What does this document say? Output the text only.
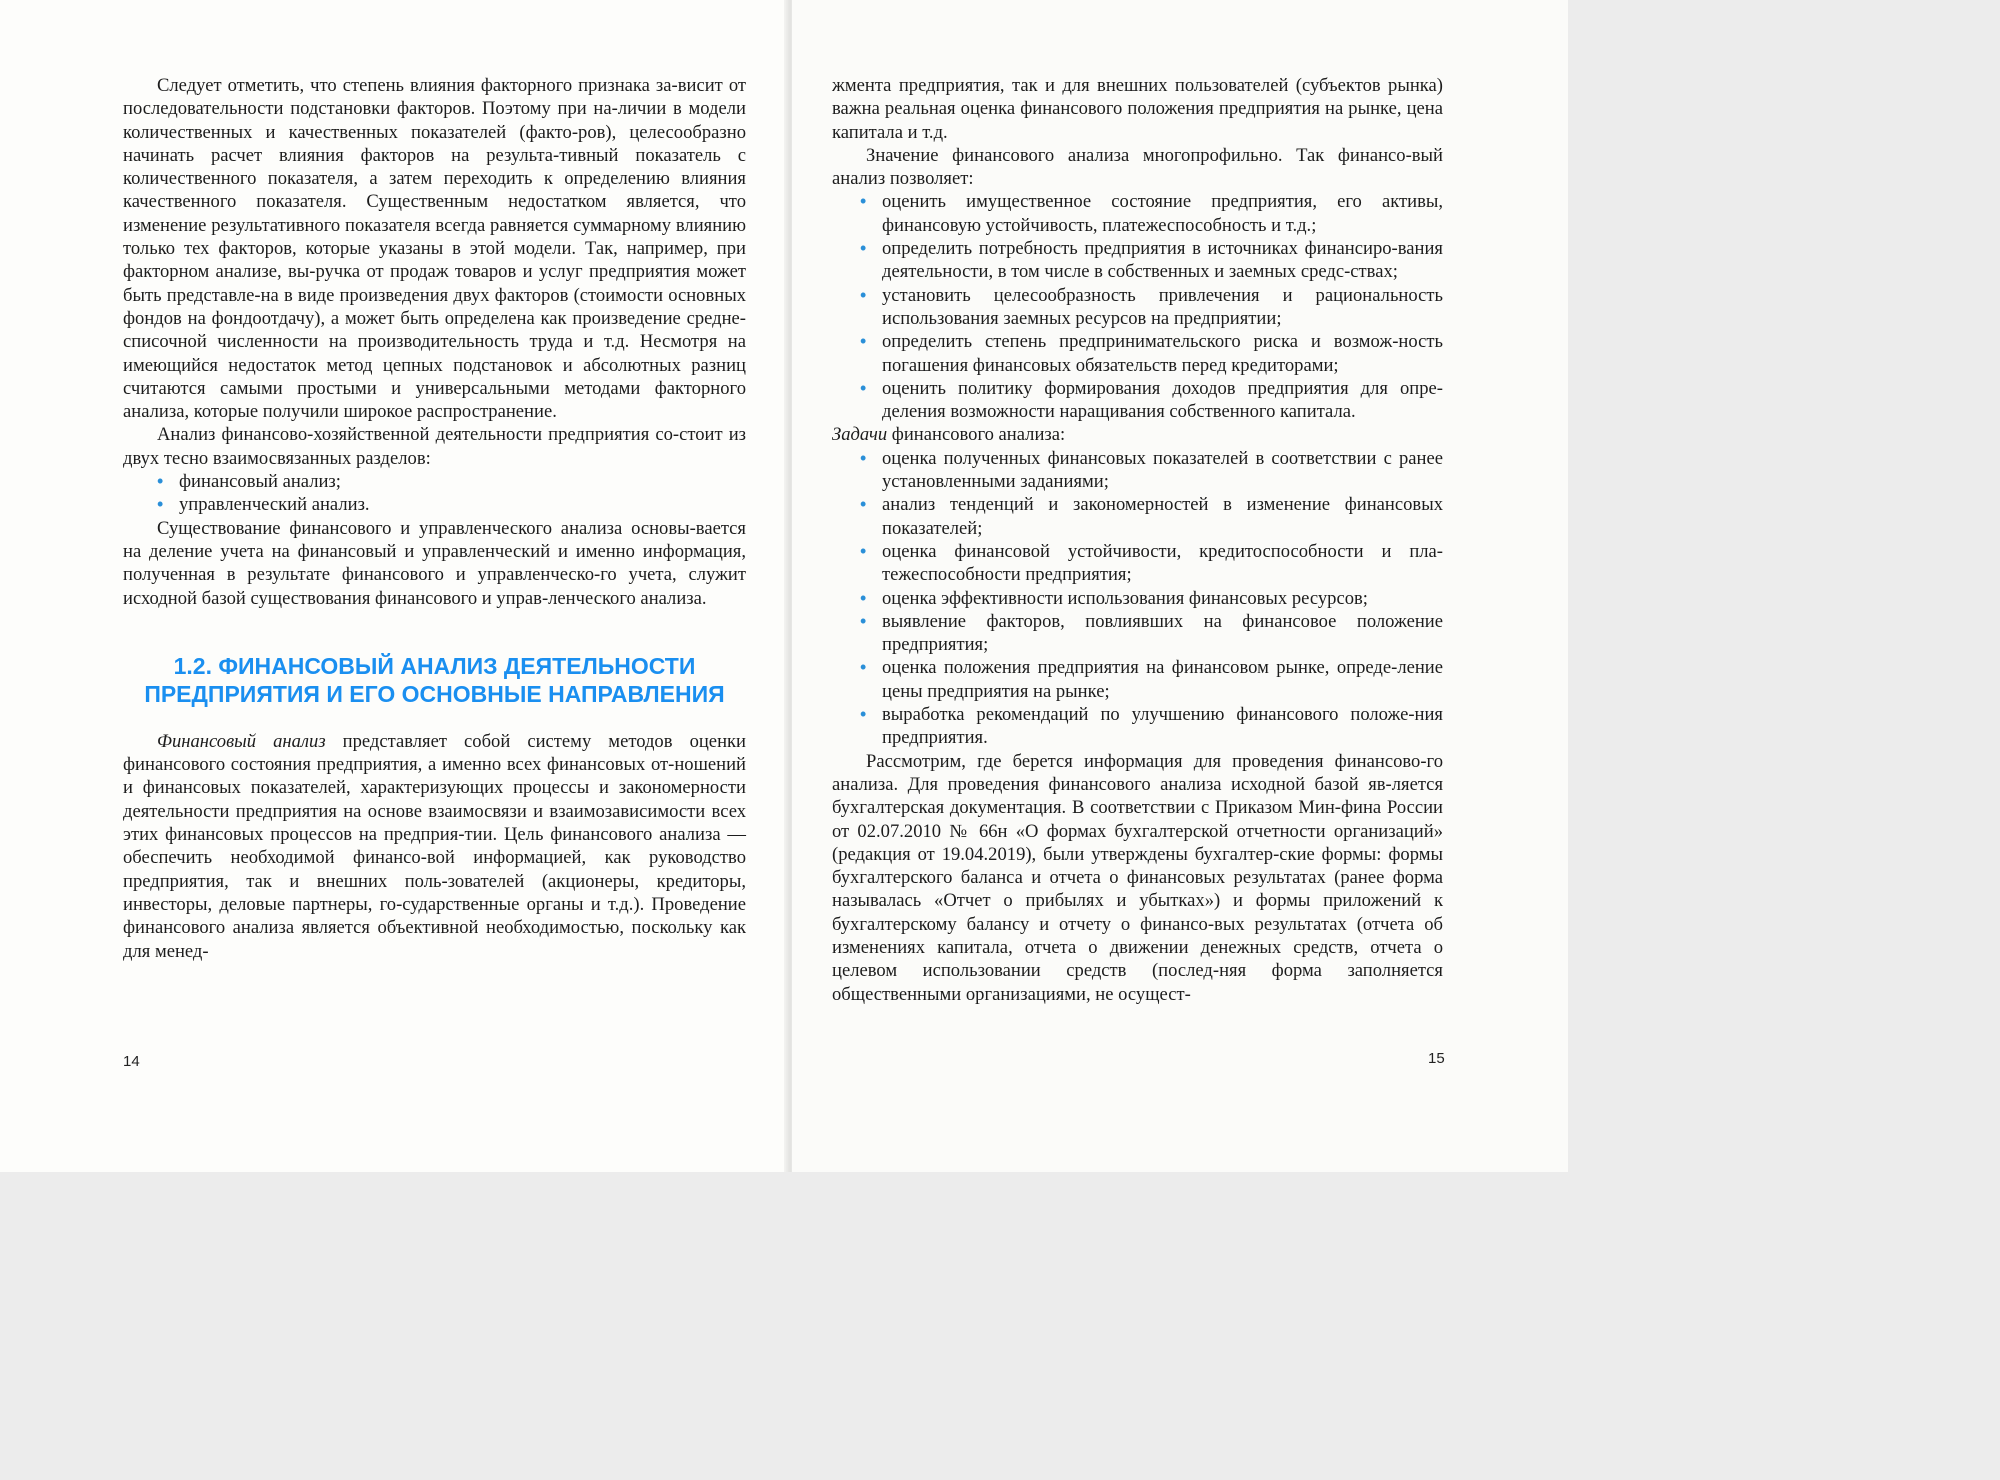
Следует отметить, что степень влияния факторного признака за-висит от последовательности подстановки факторов. Поэтому при на-личии в модели количественных и качественных показателей (факто-ров), целесообразно начинать расчет влияния факторов на результа-тивный показатель с количественного показателя, а затем переходить к определению влияния качественного показателя. Существенным недостатком является, что изменение результативного показателя всегда равняется суммарному влиянию только тех факторов, которые указаны в этой модели. Так, например, при факторном анализе, вы-ручка от продаж товаров и услуг предприятия может быть представле-на в виде произведения двух факторов (стоимости основных фондов на фондоотдачу), а может быть определена как произведение средне-списочной численности на производительность труда и т.д. Несмотря на имеющийся недостаток метод цепных подстановок и абсолютных разниц считаются самыми простыми и универсальными методами факторного анализа, которые получили широкое распространение.

Анализ финансово-хозяйственной деятельности предприятия со-стоит из двух тесно взаимосвязанных разделов:

• финансовый анализ;
• управленческий анализ.

Существование финансового и управленческого анализа основы-вается на деление учета на финансовый и управленческий и именно информация, полученная в результате финансового и управленческо-го учета, служит исходной базой существования финансового и управ-ленческого анализа.

1.2. ФИНАНСОВЫЙ АНАЛИЗ ДЕЯТЕЛЬНОСТИ ПРЕДПРИЯТИЯ И ЕГО ОСНОВНЫЕ НАПРАВЛЕНИЯ

Финансовый анализ представляет собой систему методов оценки финансового состояния предприятия, а именно всех финансовых от-ношений и финансовых показателей, характеризующих процессы и закономерности деятельности предприятия на основе взаимосвязи и взаимозависимости всех этих финансовых процессов на предприя-тии. Цель финансового анализа — обеспечить необходимой финансо-вой информацией, как руководство предприятия, так и внешних поль-зователей (акционеры, кредиторы, инвесторы, деловые партнеры, го-сударственные органы и т.д.). Проведение финансового анализа является объективной необходимостью, поскольку как для менед-

14

жмента предприятия, так и для внешних пользователей (субъектов рынка) важна реальная оценка финансового положения предприятия на рынке, цена капитала и т.д.

Значение финансового анализа многопрофильно. Так финансо-вый анализ позволяет:

• оценить имущественное состояние предприятия, его активы, финансовую устойчивость, платежеспособность и т.д.;
• определить потребность предприятия в источниках финансиро-вания деятельности, в том числе в собственных и заемных средс-ствах;
• установить целесообразность привлечения и рациональность использования заемных ресурсов на предприятии;
• определить степень предпринимательского риска и возмож-ность погашения финансовых обязательств перед кредиторами;
• оценить политику формирования доходов предприятия для опре-деления возможности наращивания собственного капитала.

Задачи финансового анализа:

• оценка полученных финансовых показателей в соответствии с ранее установленными заданиями;
• анализ тенденций и закономерностей в изменение финансовых показателей;
• оценка финансовой устойчивости, кредитоспособности и пла-тежеспособности предприятия;
• оценка эффективности использования финансовых ресурсов;
• выявление факторов, повлиявших на финансовое положение предприятия;
• оценка положения предприятия на финансовом рынке, опреде-ление цены предприятия на рынке;
• выработка рекомендаций по улучшению финансового положе-ния предприятия.

Рассмотрим, где берется информация для проведения финансово-го анализа. Для проведения финансового анализа исходной базой яв-ляется бухгалтерская документация. В соответствии с Приказом Мин-фина России от 02.07.2010 № 66н «О формах бухгалтерской отчетности организаций» (редакция от 19.04.2019), были утверждены бухгалтер-ские формы: формы бухгалтерского баланса и отчета о финансовых результатах (ранее форма называлась «Отчет о прибылях и убытках») и формы приложений к бухгалтерскому балансу и отчету о финансо-вых результатах (отчета об изменениях капитала, отчета о движении денежных средств, отчета о целевом использовании средств (послед-няя форма заполняется общественными организациями, не осущест-

15
